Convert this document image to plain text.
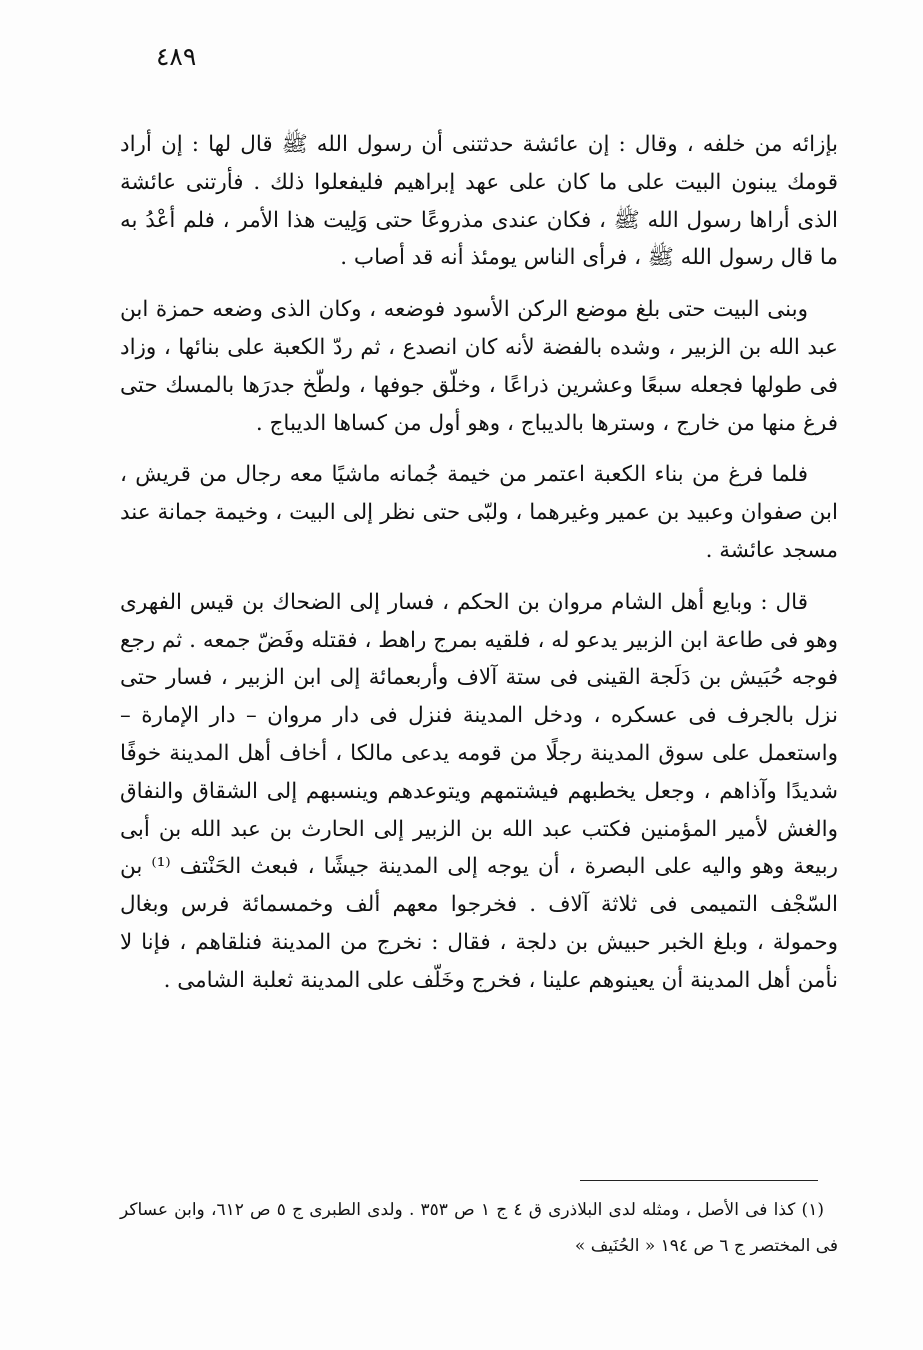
٤٨٩

بإزائه من خلفه ، وقال : إن عائشة حدثتنى أن رسول الله ﷺ قال لها : إن أراد قومك يبنون البيت على ما كان على عهد إبراهيم فليفعلوا ذلك . فأرتنى عائشة الذى أراها رسول الله ﷺ ، فكان عندى مذروعًا حتى وَلِيت هذا الأمر ، فلم أعْدُ به ما قال رسول الله ﷺ ، فرأى الناس يومئذ أنه قد أصاب .

وبنى البيت حتى بلغ موضع الركن الأسود فوضعه ، وكان الذى وضعه حمزة ابن عبد الله بن الزبير ، وشده بالفضة لأنه كان انصدع ، ثم ردّ الكعبة على بنائها ، وزاد فى طولها فجعله سبعًا وعشرين ذراعًا ، وخلّق جوفها ، ولطّخ جدرَها بالمسك حتى فرغ منها من خارج ، وسترها بالديباج ، وهو أول من كساها الديباج .

فلما فرغ من بناء الكعبة اعتمر من خيمة جُمانه ماشيًا معه رجال من قريش ، ابن صفوان وعبيد بن عمير وغيرهما ، ولبّى حتى نظر إلى البيت ، وخيمة جمانة عند مسجد عائشة .

قال : وبايع أهل الشام مروان بن الحكم ، فسار إلى الضحاك بن قيس الفهرى وهو فى طاعة ابن الزبير يدعو له ، فلقيه بمرج راهط ، فقتله وفَضّ جمعه . ثم رجع فوجه حُبَيش بن دَلَجة القينى فى ستة آلاف وأربعمائة إلى ابن الزبير ، فسار حتى نزل بالجرف فى عسكره ، ودخل المدينة فنزل فى دار مروان – دار الإمارة – واستعمل على سوق المدينة رجلًا من قومه يدعى مالكا ، أخاف أهل المدينة خوفًا شديدًا وآذاهم ، وجعل يخطبهم فيشتمهم ويتوعدهم وينسبهم إلى الشقاق والنفاق والغش لأمير المؤمنين فكتب عبد الله بن الزبير إلى الحارث بن عبد الله بن أبى ربيعة وهو واليه على البصرة ، أن يوجه إلى المدينة جيشًا ، فبعث الحَنْتف ⁽¹⁾ بن السّجْف التميمى فى ثلاثة آلاف . فخرجوا معهم ألف وخمسمائة فرس وبغال وحمولة ، وبلغ الخبر حبيش بن دلجة ، فقال : نخرج من المدينة فنلقاهم ، فإنا لا نأمن أهل المدينة أن يعينوهم علينا ، فخرج وخَلّف على المدينة ثعلبة الشامى .

(١) كذا فى الأصل ، ومثله لدى البلاذرى ق ٤ ج ١ ص ٣٥٣ . ولدى الطبرى ج ٥ ص ٦١٢، وابن عساكر فى المختصر ج ٦ ص ١٩٤ « الحُنَيف »
